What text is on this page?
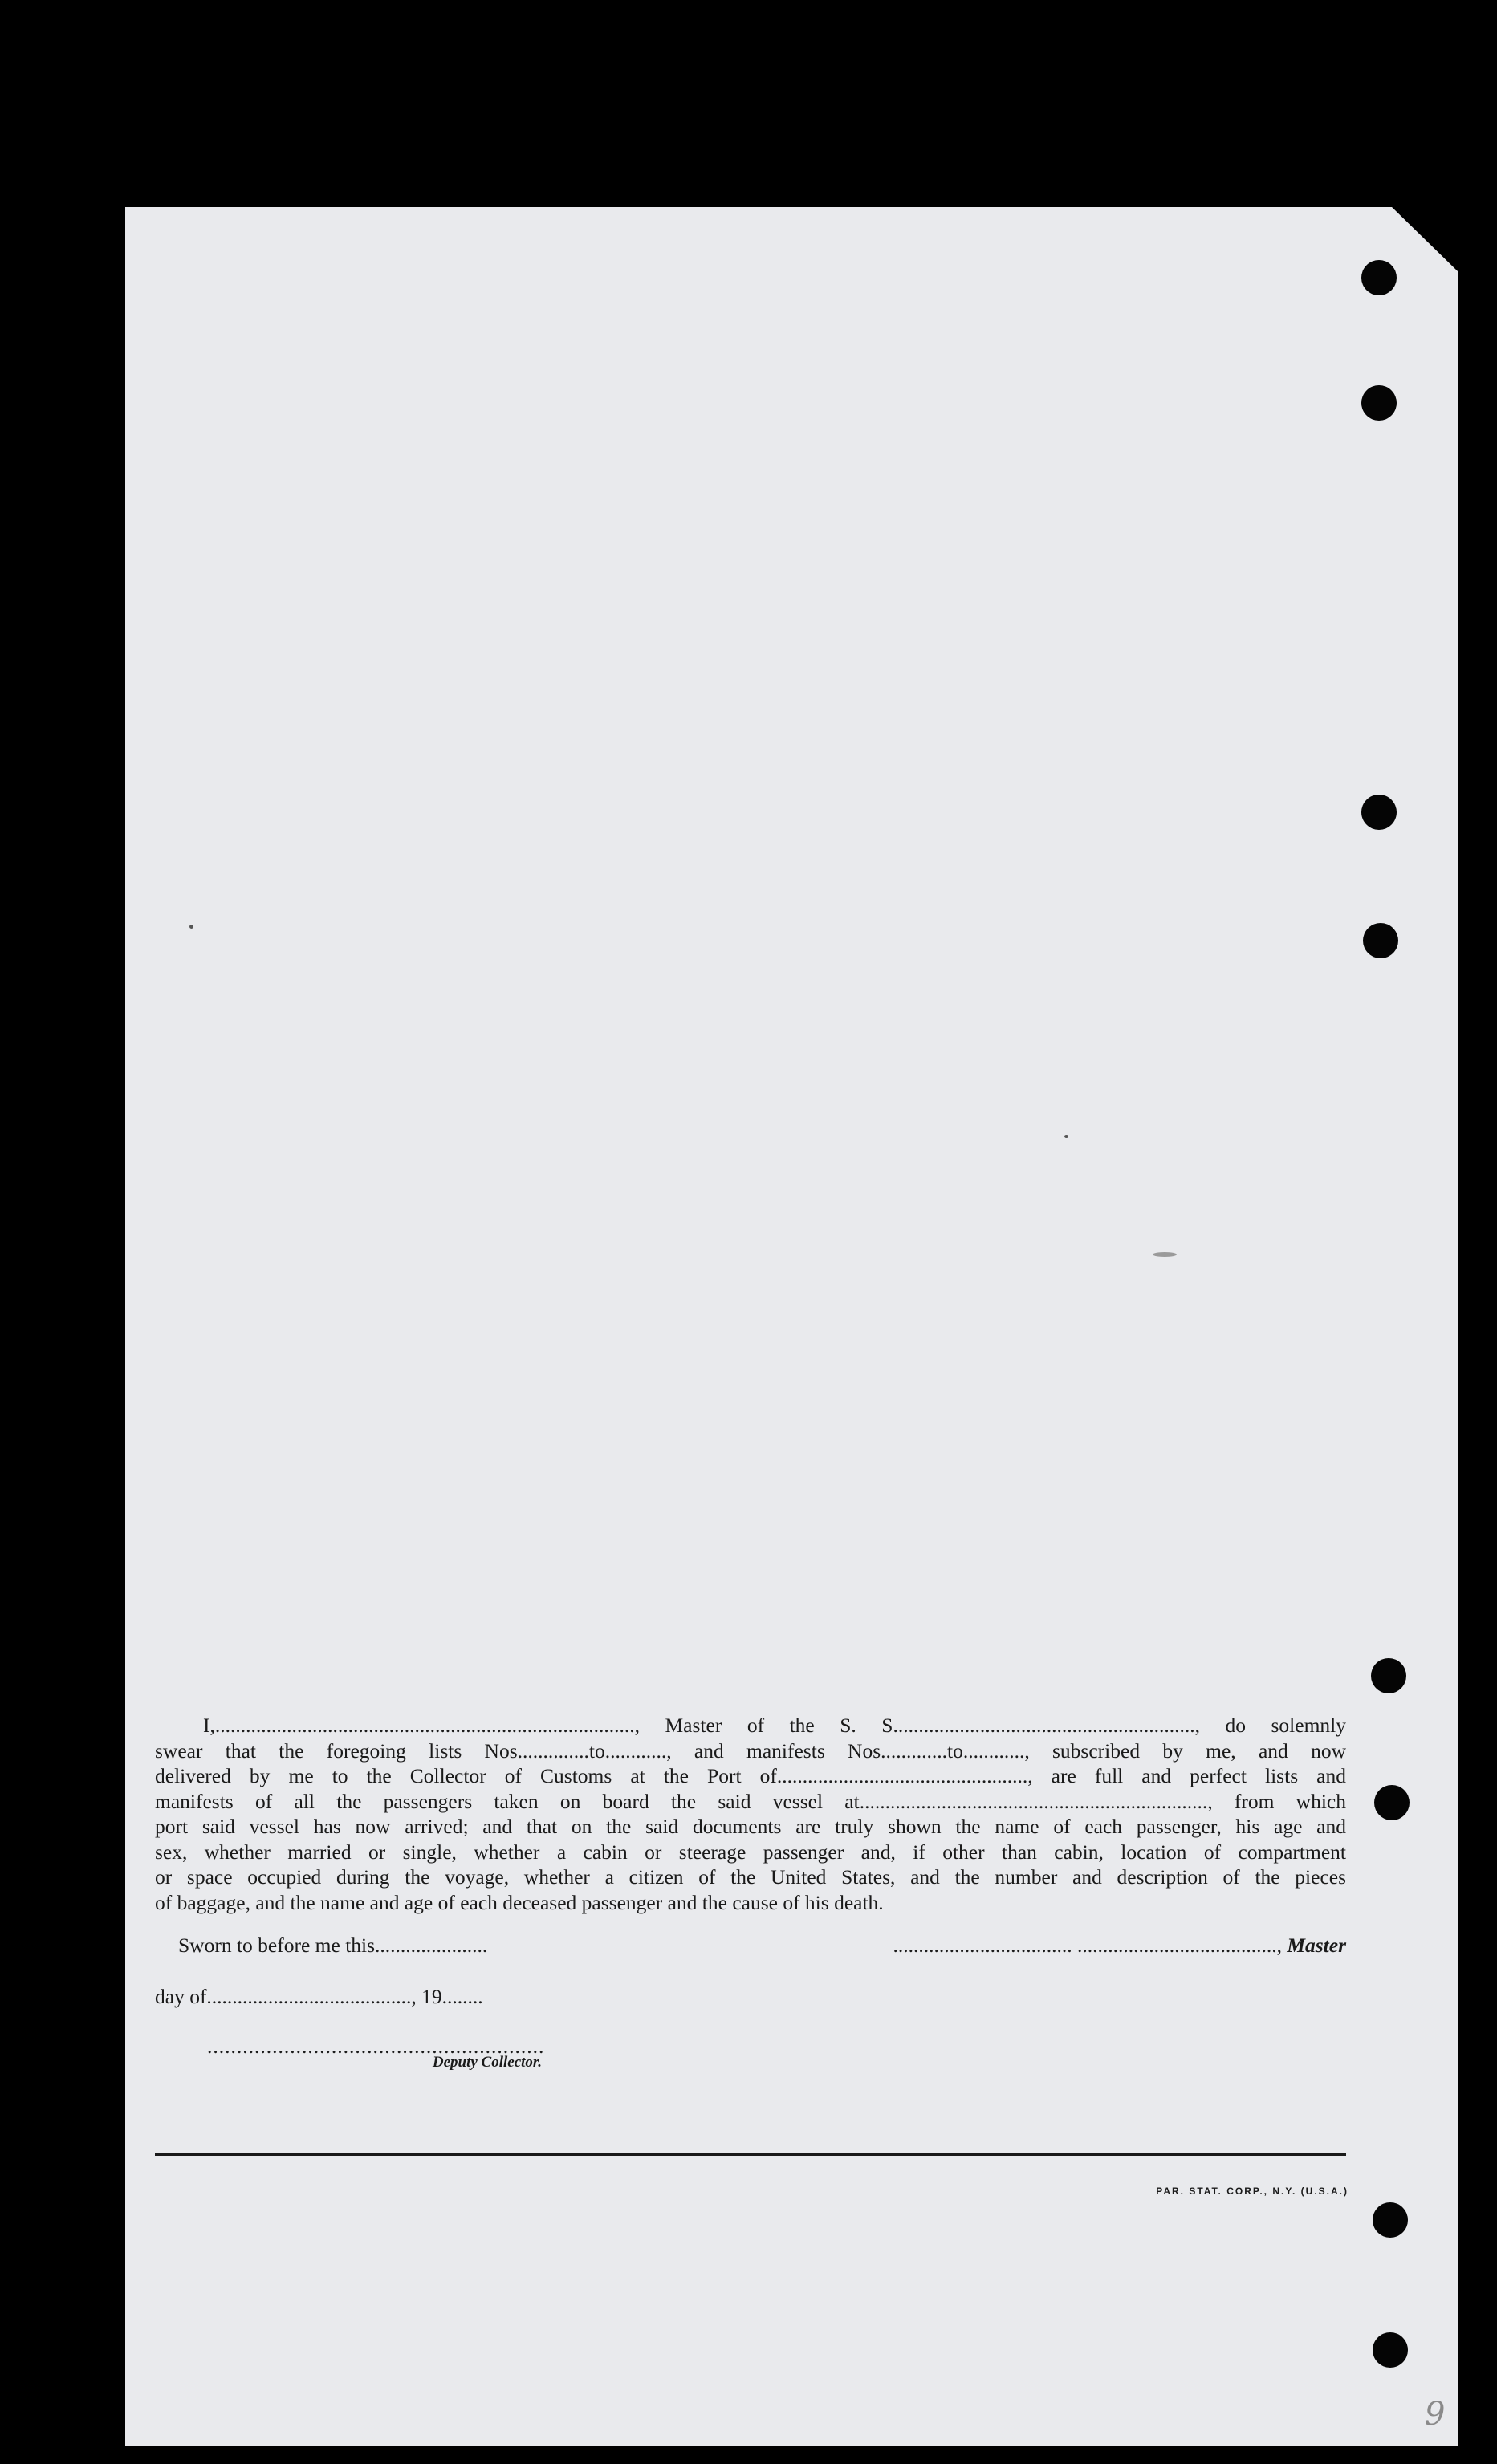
I,.................................................................................., Master of the S. S..........................................................., do solemnly
swear that the foregoing lists Nos..............to............, and manifests Nos.............to............, subscribed by me, and now
delivered by me to the Collector of Customs at the Port of................................................., are full and perfect lists and
manifests of all the passengers taken on board the said vessel at...................................................................., from which
port said vessel has now arrived; and that on the said documents are truly shown the name of each passenger, his age and
sex, whether married or single, whether a cabin or steerage passenger and, if other than cabin, location of compartment
or space occupied during the voyage, whether a citizen of the United States, and the number and description of the pieces
of baggage, and the name and age of each deceased passenger and the cause of his death.
Sworn to before me this......................	................................... ......................................., Master
day of........................................, 19........
.........................................................
Deputy Collector.
PAR. STAT. CORP., N.Y. (U.S.A.)
9
